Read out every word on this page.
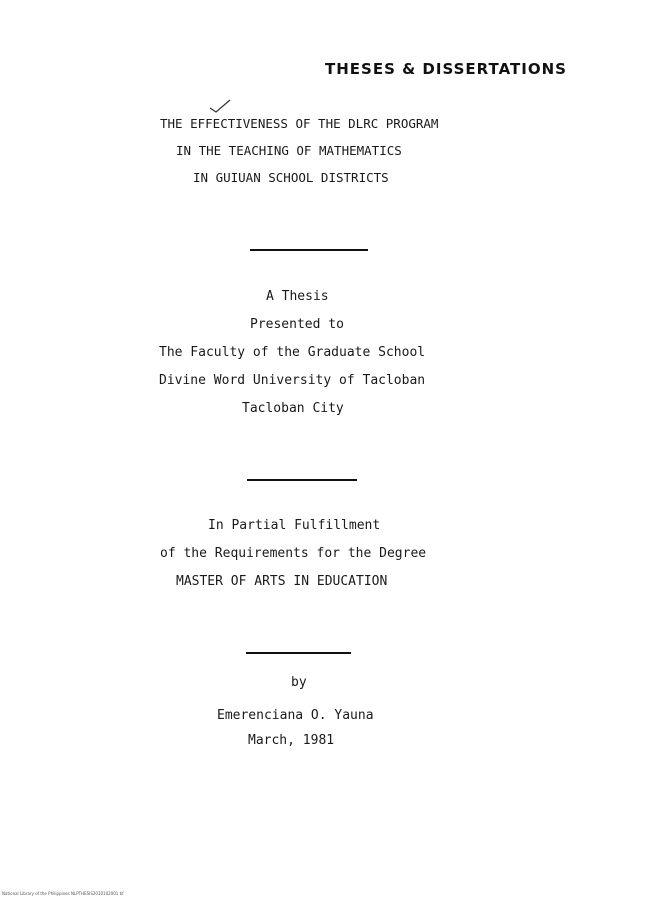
THESES & DISSERTATIONS
THE EFFECTIVENESS OF THE DLRC PROGRAM
IN THE TEACHING OF MATHEMATICS
IN GUIUAN SCHOOL DISTRICTS
A Thesis
Presented to
The Faculty of the Graduate School
Divine Word University of Tacloban
Tacloban City
In Partial Fulfillment
of the Requirements for the Degree
MASTER OF ARTS IN EDUCATION
by
Emerenciana O. Yauna
March, 1981
National Library of the Philippines NLPTHESIS2010102001 tif
